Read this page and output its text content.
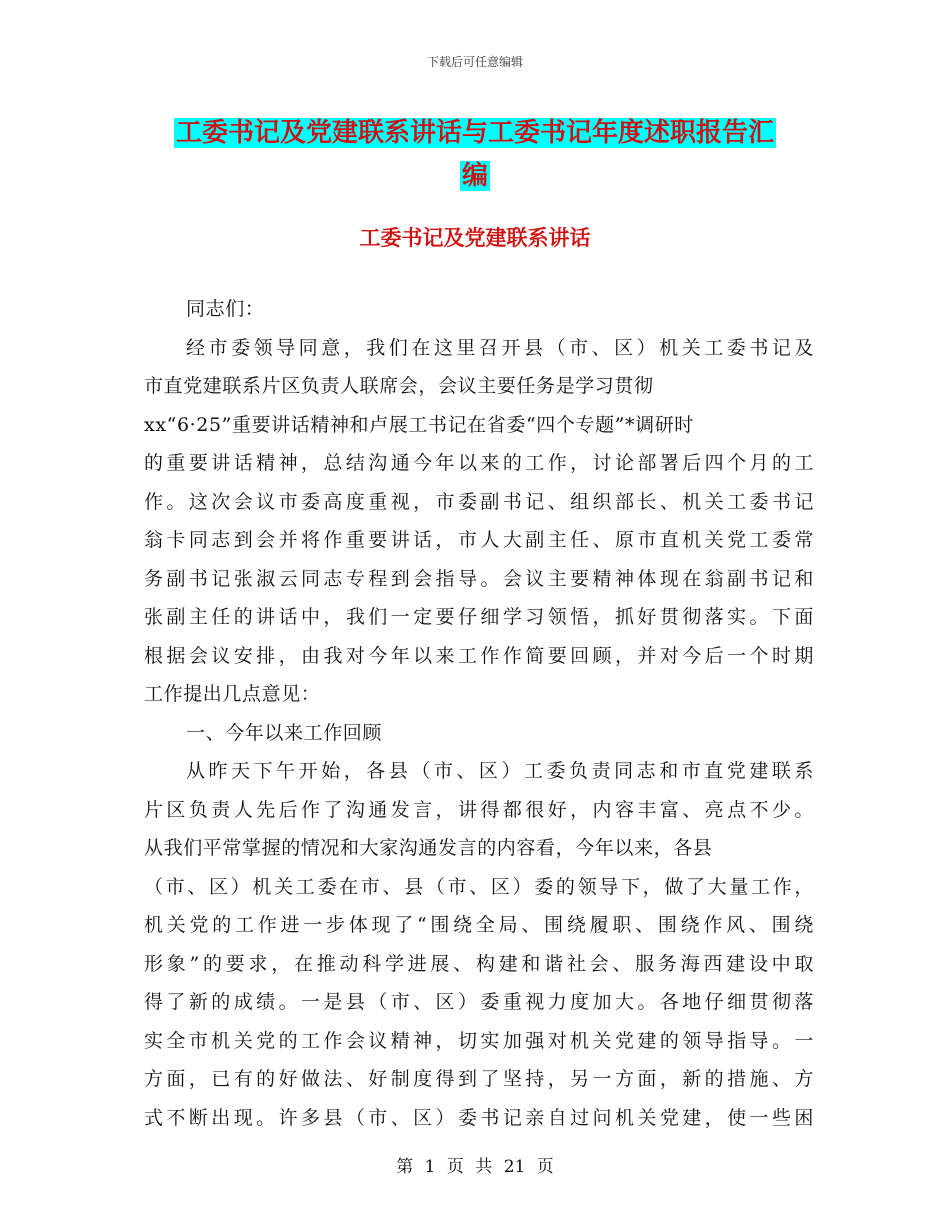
下载后可任意编辑
工委书记及党建联系讲话与工委书记年度述职报告汇
编
工委书记及党建联系讲话
同志们：
经市委领导同意，我们在这里召开县（市、区）机关工委书记及
市直党建联系片区负责人联席会，会议主要任务是学习贯彻
xx“6·25”重要讲话精神和卢展工书记在省委“四个专题”*调研时
的重要讲话精神，总结沟通今年以来的工作，讨论部署后四个月的工
作。这次会议市委高度重视，市委副书记、组织部长、机关工委书记
翁卡同志到会并将作重要讲话，市人大副主任、原市直机关党工委常
务副书记张淑云同志专程到会指导。会议主要精神体现在翁副书记和
张副主任的讲话中，我们一定要仔细学习领悟，抓好贯彻落实。下面
根据会议安排，由我对今年以来工作作简要回顾，并对今后一个时期
工作提出几点意见：
一、今年以来工作回顾
从昨天下午开始，各县（市、区）工委负责同志和市直党建联系
片区负责人先后作了沟通发言，讲得都很好，内容丰富、亮点不少。
从我们平常掌握的情况和大家沟通发言的内容看，今年以来，各县
（市、区）机关工委在市、县（市、区）委的领导下，做了大量工作，
机关党的工作进一步体现了“围绕全局、围绕履职、围绕作风、围绕
形象”的要求，在推动科学进展、构建和谐社会、服务海西建设中取
得了新的成绩。一是县（市、区）委重视力度加大。各地仔细贯彻落
实全市机关党的工作会议精神，切实加强对机关党建的领导指导。一
方面，已有的好做法、好制度得到了坚持，另一方面，新的措施、方
式不断出现。许多县（市、区）委书记亲自过问机关党建，使一些困
第 1 页 共 21 页
